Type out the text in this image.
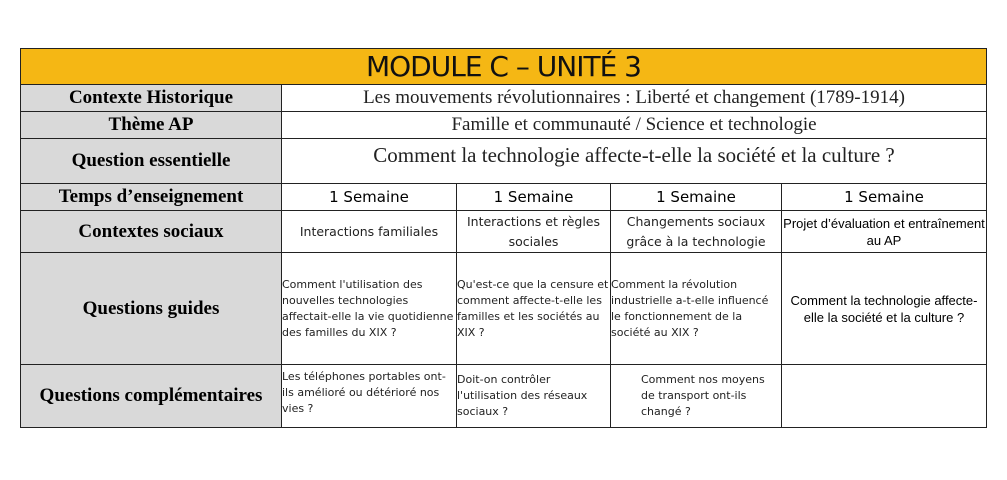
MODULE C – UNITÉ 3				
Contexte Historique	Les mouvements révolutionnaires : Liberté et changement (1789-1914)			
Thème AP	Famille et communauté / Science et technologie			
Question essentielle	Comment la technologie affecte-t-elle la société et la culture ?			
Temps d’enseignement	1 Semaine	1 Semaine	1 Semaine	1 Semaine
Contextes sociaux	Interactions familiales	Interactions et règles sociales	Changements sociaux grâce à la technologie	Projet d’évaluation et entraînement au AP
Questions guides	Comment l'utilisation des nouvelles technologies affectait-elle la vie quotidienne des familles du XIX ?	Qu'est-ce que la censure et comment affecte-t-elle les familles et les sociétés au XIX ?	Comment la révolution industrielle a-t-elle influencé le fonctionnement de la société au XIX ?	Comment la technologie affecte-elle la société et la culture ?
Questions complémentaires	Les téléphones portables ont-ils amélioré ou détérioré nos vies ?	Doit-on contrôler l'utilisation des réseaux sociaux ?	Comment nos moyens de transport ont-ils changé ?	
